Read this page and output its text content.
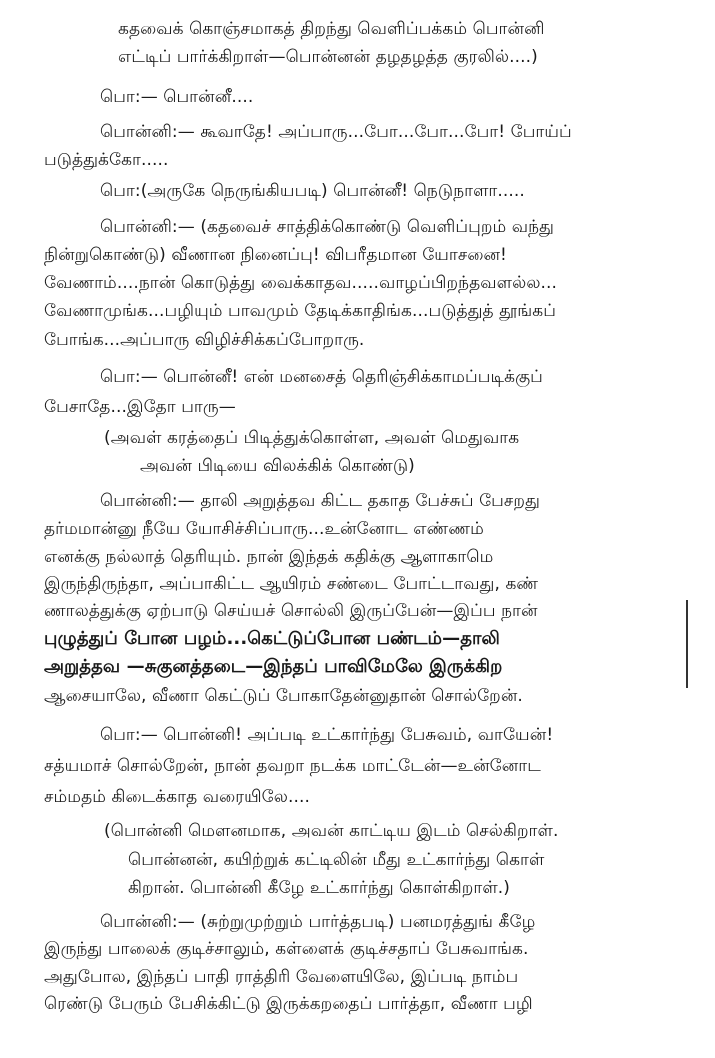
கதவைக் கொஞ்சமாகத் திறந்து வெளிப்பக்கம் பொன்னி
எட்டிப் பார்க்கிறாள்—பொன்னன் தழதழத்த குரலில்....)
பொ:— பொன்னீ....
பொன்னி:— கூவாதே! அப்பாரு...போ...போ...போ! போய்ப்
படுத்துக்கோ.....
பொ:(அருகே நெருங்கியபடி) பொன்னீ! நெடுநாளா.....
பொன்னி:— (கதவைச் சாத்திக்கொண்டு வெளிப்புறம் வந்து
நின்றுகொண்டு) வீணான நினைப்பு! விபரீதமான யோசனை!
வேணாம்....நான் கொடுத்து வைக்காதவ.....வாழப்பிறந்தவளல்ல...
வேணாமுங்க...பழியும் பாவமும் தேடிக்காதிங்க...படுத்துத் தூங்கப்
போங்க...அப்பாரு விழிச்சிக்கப்போறாரு.
பொ:— பொன்னீ! என் மனசைத் தெரிஞ்சிக்காமப்படிக்குப்
பேசாதே...இதோ பாரு—
(அவள் கரத்தைப் பிடித்துக்கொள்ள, அவள் மெதுவாக
அவன் பிடியை விலக்கிக் கொண்டு)
பொன்னி:— தாலி அறுத்தவ கிட்ட தகாத பேச்சுப் பேசறது
தர்மமான்னு நீயே யோசிச்சிப்பாரு...உன்னோட எண்ணம்
எனக்கு நல்லாத் தெரியும். நான் இந்தக் கதிக்கு ஆளாகாமெ
இருந்திருந்தா, அப்பாகிட்ட ஆயிரம் சண்டை போட்டாவது, கண்
ணாலத்துக்கு ஏற்பாடு செய்யச் சொல்லி இருப்பேன்—இப்ப நான்
புழுத்துப் போன பழம்...கெட்டுப்போன பண்டம்—தாலி
அறுத்தவ —சுகுனத்தடை—இந்தப் பாவிமேலே இருக்கிற
ஆசையாலே, வீணா கெட்டுப் போகாதேன்னுதான் சொல்றேன்.
பொ:— பொன்னி! அப்படி உட்கார்ந்து பேசுவம், வாயேன்!
சத்யமாச் சொல்றேன், நான் தவறா நடக்க மாட்டேன்—உன்னோட
சம்மதம் கிடைக்காத வரையிலே....
(பொன்னி மௌனமாக, அவன் காட்டிய இடம் செல்கிறாள்.
பொன்னன், கயிற்றுக் கட்டிலின் மீது உட்கார்ந்து கொள்
கிறான். பொன்னி கீழே உட்கார்ந்து கொள்கிறாள்.)
பொன்னி:— (சுற்றுமுற்றும் பார்த்தபடி) பனமரத்துங் கீழே
இருந்து பாலைக் குடிச்சாலும், கள்ளைக் குடிச்சதாப் பேசுவாங்க.
அதுபோல, இந்தப் பாதி ராத்திரி வேளையிலே, இப்படி நாம்ப
ரெண்டு பேரும் பேசிக்கிட்டு இருக்கறதைப் பார்த்தா, வீணா பழி
